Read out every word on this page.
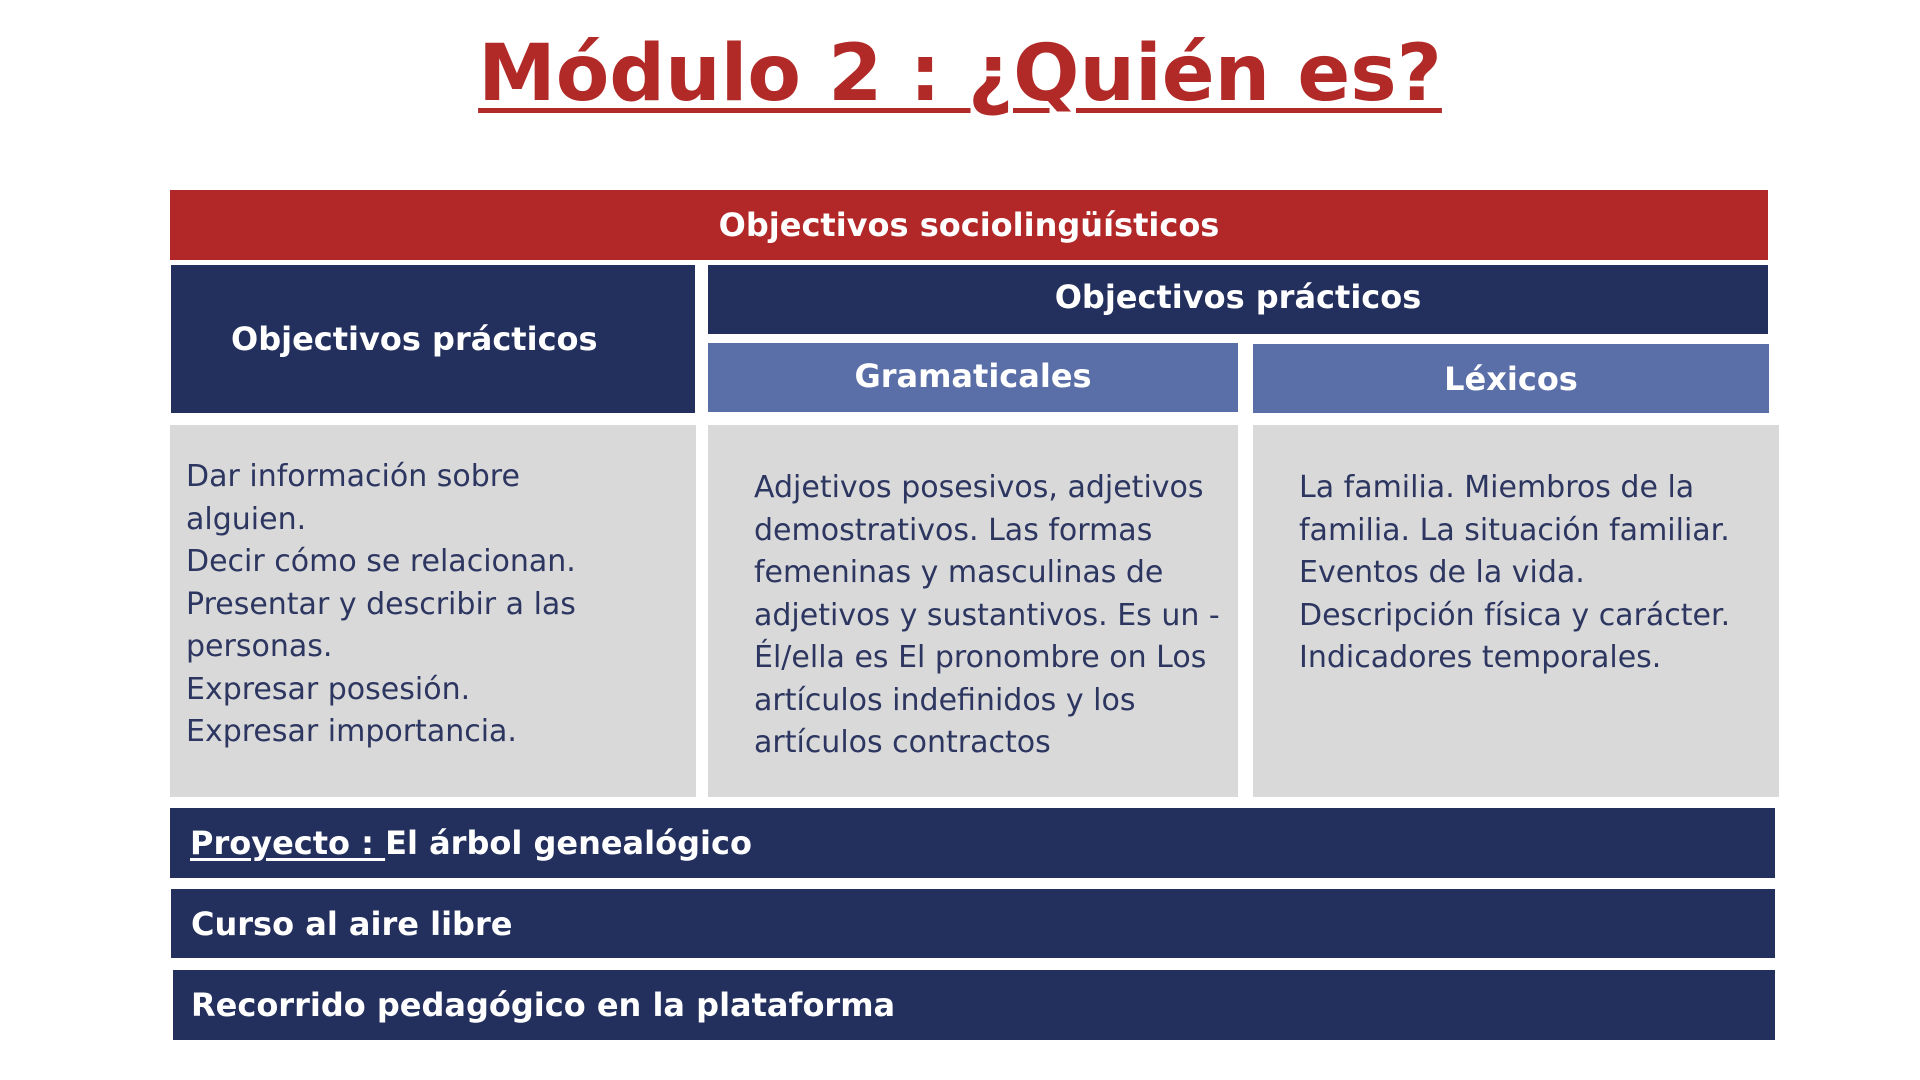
Módulo 2 : ¿Quién es?
Objectivos sociolingüísticos
Objectivos prácticos
Objectivos prácticos
Gramaticales	Léxicos
Dar información sobre
alguien.
Decir cómo se relacionan.
Presentar y describir a las
personas.
Expresar posesión.
Expresar importancia.
Adjetivos posesivos, adjetivos
demostrativos. Las formas
femeninas y masculinas de
adjetivos y sustantivos. Es un -
Él/ella es El pronombre on Los
artículos indefinidos y los
artículos contractos
La familia. Miembros de la
familia. La situación familiar.
Eventos de la vida.
Descripción física y carácter.
Indicadores temporales.
Proyecto : El árbol genealógico
Curso al aire libre
Recorrido pedagógico en la plataforma
